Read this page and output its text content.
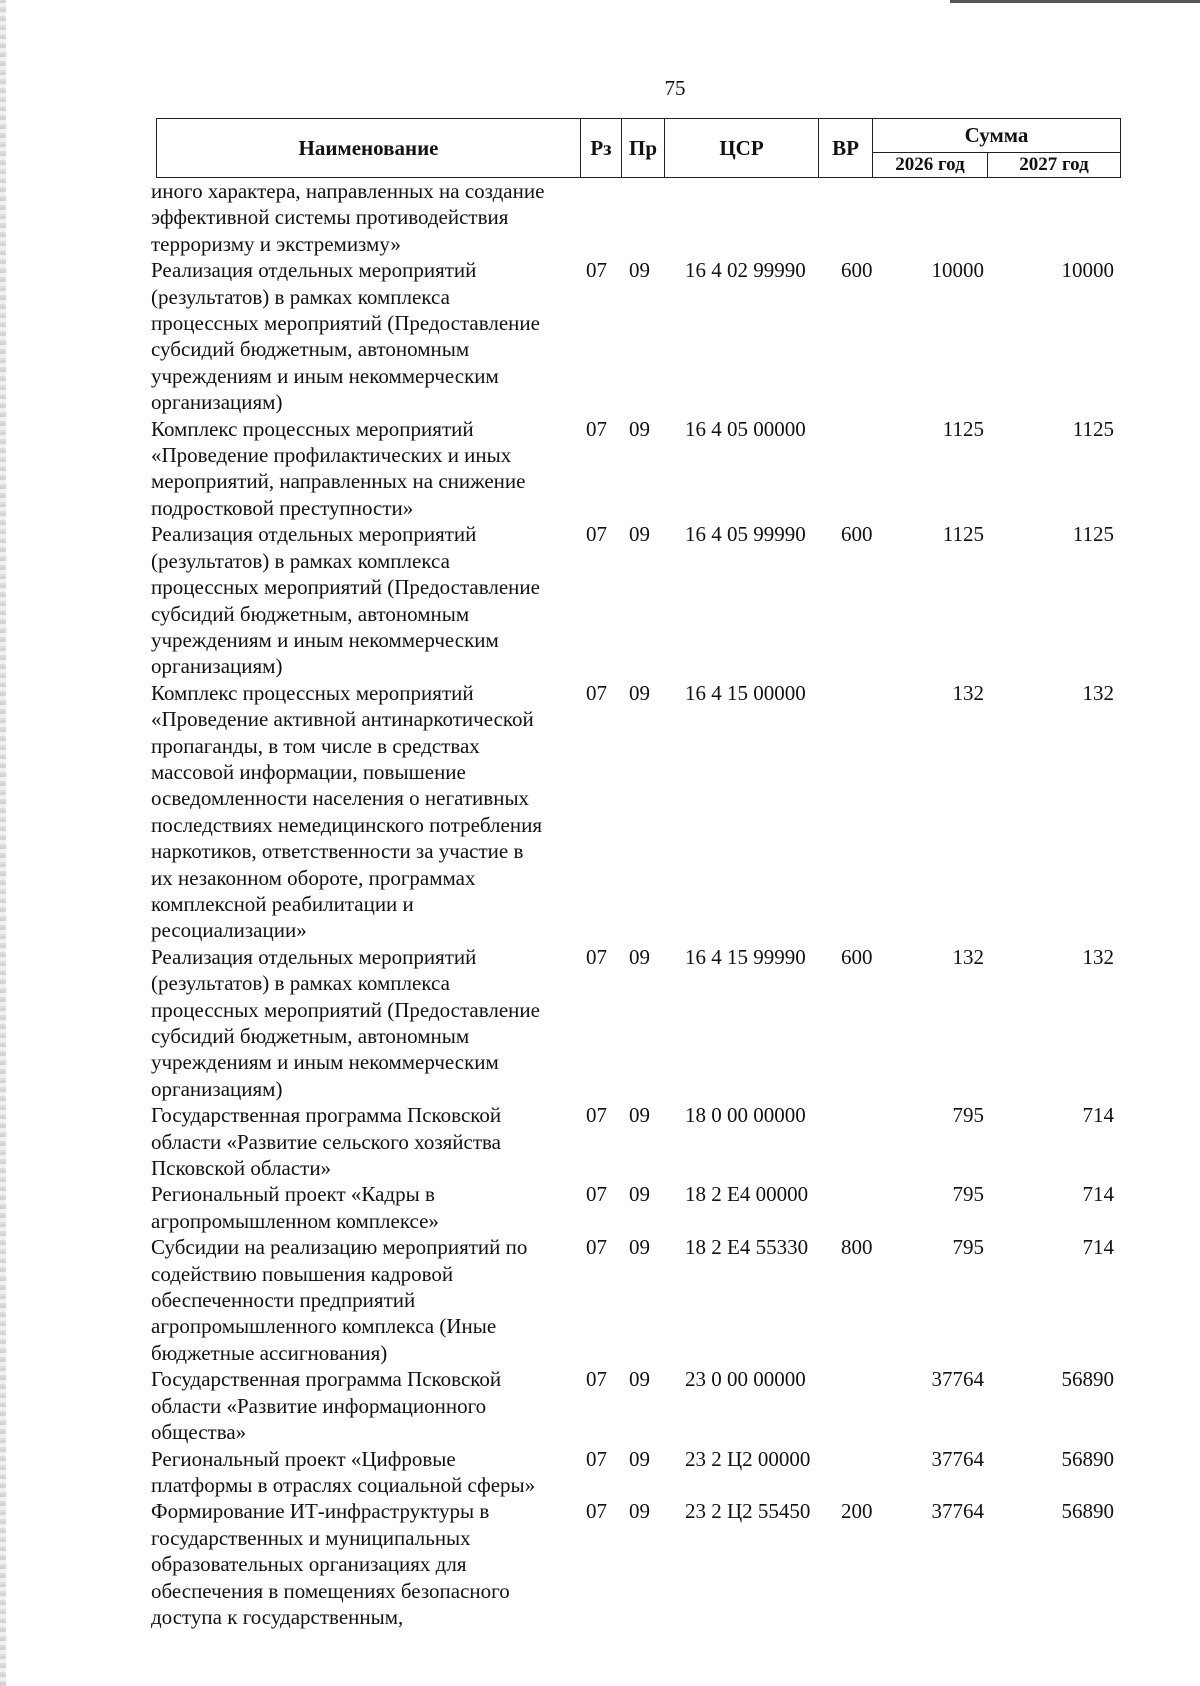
75
Наименование	Рз	Пр	ЦСР	ВР	Сумма	
					2026 год	2027 год
иного характера, направленных на создание
эффективной системы противодействия
терроризму и экстремизму»
Реализация отдельных мероприятий
(результатов) в рамках комплекса
процессных мероприятий (Предоставление
субсидий бюджетным, автономным
учреждениям и иным некоммерческим
организациям)
07 09 16 4 02 99990 600	10000	10000
Комплекс процессных мероприятий
«Проведение профилактических и иных
мероприятий, направленных на снижение
подростковой преступности»
07 09 16 4 05 00000	1125	1125
Реализация отдельных мероприятий
(результатов) в рамках комплекса
процессных мероприятий (Предоставление
субсидий бюджетным, автономным
учреждениям и иным некоммерческим
организациям)
07 09 16 4 05 99990 600	1125	1125
Комплекс процессных мероприятий
«Проведение активной антинаркотической
пропаганды, в том числе в средствах
массовой информации, повышение
осведомленности населения о негативных
последствиях немедицинского потребления
наркотиков, ответственности за участие в
их незаконном обороте, программах
комплексной реабилитации и
ресоциализации»
07 09 16 4 15 00000	132	132
Реализация отдельных мероприятий
(результатов) в рамках комплекса
процессных мероприятий (Предоставление
субсидий бюджетным, автономным
учреждениям и иным некоммерческим
организациям)
07 09 16 4 15 99990 600	132	132
Государственная программа Псковской
области «Развитие сельского хозяйства
Псковской области»
07 09 18 0 00 00000	795	714
Региональный проект «Кадры в
агропромышленном комплексе»
07 09 18 2 Е4 00000	795	714
Субсидии на реализацию мероприятий по
содействию повышения кадровой
обеспеченности предприятий
агропромышленного комплекса (Иные
бюджетные ассигнования)
07 09 18 2 Е4 55330 800	795	714
Государственная программа Псковской
области «Развитие информационного
общества»
07 09 23 0 00 00000	37764	56890
Региональный проект «Цифровые
платформы в отраслях социальной сферы»
07 09 23 2 Ц2 00000	37764	56890
Формирование ИТ-инфраструктуры в
государственных и муниципальных
образовательных организациях для
обеспечения в помещениях безопасного
доступа к государственным,
07 09 23 2 Ц2 55450 200	37764	56890
